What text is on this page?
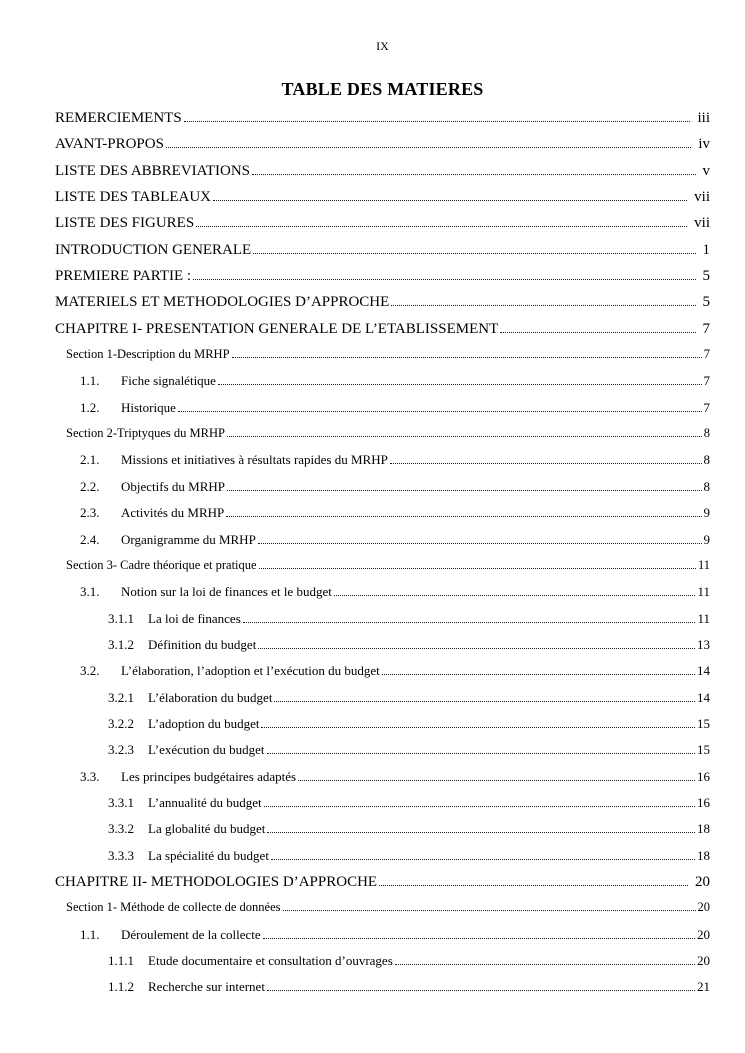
IX
TABLE DES MATIERES
REMERCIEMENTS	iii
AVANT-PROPOS	iv
LISTE DES ABBREVIATIONS	v
LISTE DES TABLEAUX	vii
LISTE DES FIGURES	vii
INTRODUCTION GENERALE	1
PREMIERE PARTIE :	5
MATERIELS ET METHODOLOGIES D’APPROCHE	5
CHAPITRE I- PRESENTATION GENERALE DE L’ETABLISSEMENT	7
Section 1-Description du MRHP	7
1.1.	Fiche signalétique	7
1.2.	Historique	7
Section 2-Triptyques du MRHP	8
2.1.	Missions et initiatives à résultats rapides du MRHP	8
2.2.	Objectifs du MRHP	8
2.3.	Activités du MRHP	9
2.4.	Organigramme du MRHP	9
Section 3- Cadre théorique et pratique	11
3.1.	Notion sur la loi de finances et le budget	11
3.1.1	La loi de finances	11
3.1.2	Définition du budget	13
3.2.	L’élaboration, l’adoption et l’exécution du budget	14
3.2.1	L’élaboration du budget	14
3.2.2	L’adoption du budget	15
3.2.3	L’exécution du budget	15
3.3.	Les principes budgétaires adaptés	16
3.3.1	L’annualité du budget	16
3.3.2	La globalité du budget	18
3.3.3	La spécialité du budget	18
CHAPITRE II- METHODOLOGIES D’APPROCHE	20
Section 1- Méthode de collecte de données	20
1.1.	Déroulement de la collecte	20
1.1.1	Etude documentaire et consultation d’ouvrages	20
1.1.2	Recherche sur internet	21
